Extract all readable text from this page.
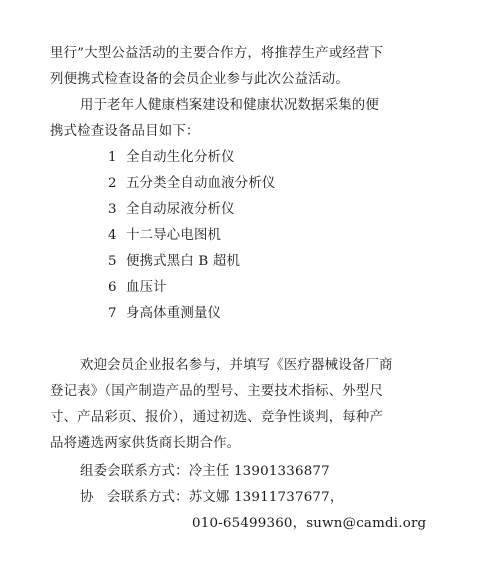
里行”大型公益活动的主要合作方，将推荐生产或经营下
列便携式检查设备的会员企业参与此次公益活动。
用于老年人健康档案建设和健康状况数据采集的便
携式检查设备品目如下：
1 全自动生化分析仪
2 五分类全自动血液分析仪
3 全自动尿液分析仪
4 十二导心电图机
5 便携式黑白 B 超机
6 血压计
7 身高体重测量仪
欢迎会员企业报名参与，并填写《医疗器械设备厂商
登记表》（国产制造产品的型号、主要技术指标、外型尺
寸、产品彩页、报价），通过初选、竞争性谈判，每种产
品将遴选两家供货商长期合作。
组委会联系方式：冷主任 13901336877
协　会联系方式：苏文娜 13911737677，
010-65499360，suwn@camdi.org
